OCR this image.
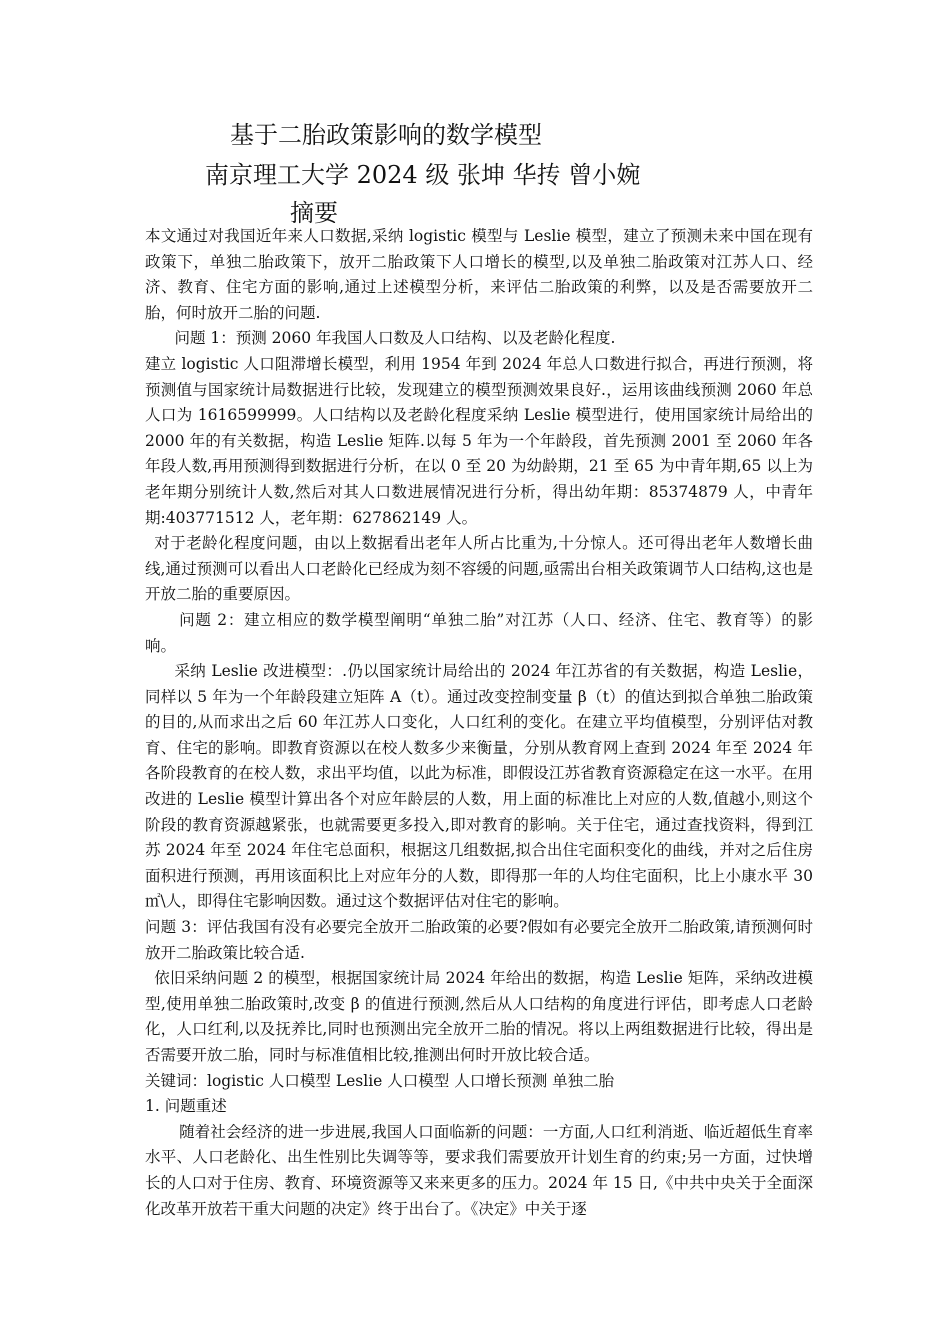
基于二胎政策影响的数学模型
南京理工大学 2024 级 张坤 华抟 曾小婉
摘要

本文通过对我国近年来人口数据,采纳 logistic 模型与 Leslie 模型，建立了预测未来中国在现有政策下，单独二胎政策下，放开二胎政策下人口增长的模型,以及单独二胎政策对江苏人口、经济、教育、住宅方面的影响,通过上述模型分析，来评估二胎政策的利弊，以及是否需要放开二胎，何时放开二胎的问题.

问题 1：预测 2060 年我国人口数及人口结构、以及老龄化程度.

建立 logistic 人口阻滞增长模型，利用 1954 年到 2024 年总人口数进行拟合，再进行预测，将预测值与国家统计局数据进行比较，发现建立的模型预测效果良好.，运用该曲线预测 2060 年总人口为 1616599999。人口结构以及老龄化程度采纳 Leslie 模型进行，使用国家统计局给出的 2000 年的有关数据，构造 Leslie 矩阵.以每 5 年为一个年龄段，首先预测 2001 至 2060 年各年段人数,再用预测得到数据进行分析，在以 0 至 20 为幼龄期，21 至 65 为中青年期,65 以上为老年期分别统计人数,然后对其人口数进展情况进行分析，得出幼年期：85374879 人，中青年期:403771512 人，老年期：627862149 人。

对于老龄化程度问题，由以上数据看出老年人所占比重为,十分惊人。还可得出老年人数增长曲线,通过预测可以看出人口老龄化已经成为刻不容缓的问题,亟需出台相关政策调节人口结构,这也是开放二胎的重要原因。

问题 2：建立相应的数学模型阐明“单独二胎”对江苏（人口、经济、住宅、教育等）的影响。

采纳 Leslie 改进模型：.仍以国家统计局给出的 2024 年江苏省的有关数据，构造 Leslie，同样以 5 年为一个年龄段建立矩阵 A（t）。通过改变控制变量 β（t）的值达到拟合单独二胎政策的目的,从而求出之后 60 年江苏人口变化，人口红利的变化。在建立平均值模型，分别评估对教育、住宅的影响。即教育资源以在校人数多少来衡量，分别从教育网上查到 2024 年至 2024 年各阶段教育的在校人数，求出平均值，以此为标准，即假设江苏省教育资源稳定在这一水平。在用改进的 Leslie 模型计算出各个对应年龄层的人数，用上面的标准比上对应的人数,值越小,则这个阶段的教育资源越紧张，也就需要更多投入,即对教育的影响。关于住宅，通过查找资料，得到江苏 2024 年至 2024 年住宅总面积，根据这几组数据,拟合出住宅面积变化的曲线，并对之后住房面积进行预测，再用该面积比上对应年分的人数，即得那一年的人均住宅面积，比上小康水平 30㎡\人，即得住宅影响因数。通过这个数据评估对住宅的影响。

问题 3：评估我国有没有必要完全放开二胎政策的必要?假如有必要完全放开二胎政策,请预测何时放开二胎政策比较合适.

依旧采纳问题 2 的模型，根据国家统计局 2024 年给出的数据，构造 Leslie 矩阵，采纳改进模型,使用单独二胎政策时,改变 β 的值进行预测,然后从人口结构的角度进行评估，即考虑人口老龄化，人口红利,以及抚养比,同时也预测出完全放开二胎的情况。将以上两组数据进行比较，得出是否需要开放二胎，同时与标准值相比较,推测出何时开放比较合适。

关键词：logistic 人口模型 Leslie 人口模型 人口增长预测 单独二胎

1. 问题重述

随着社会经济的进一步进展,我国人口面临新的问题：一方面,人口红利消逝、临近超低生育率水平、人口老龄化、出生性别比失调等等，要求我们需要放开计划生育的约束;另一方面，过快增长的人口对于住房、教育、环境资源等又来来更多的压力。2024 年 15 日,《中共中央关于全面深化改革开放若干重大问题的决定》终于出台了。《决定》中关于逐
